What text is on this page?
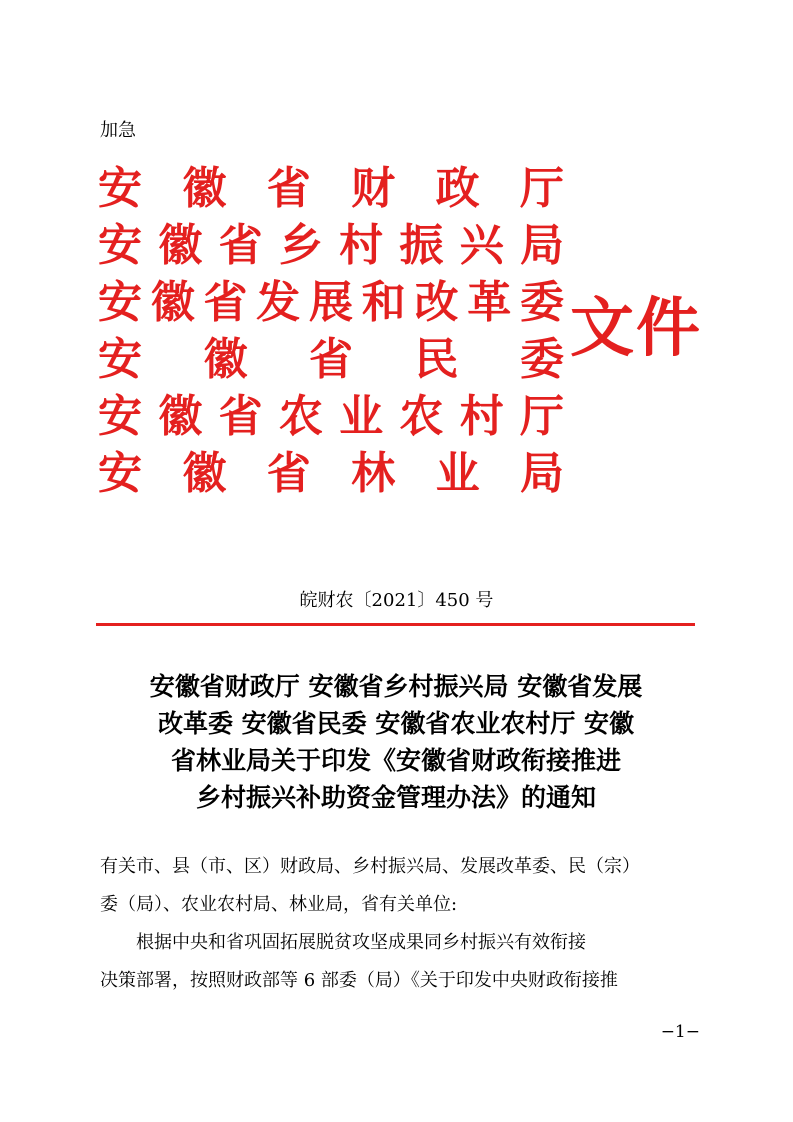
加急
安 徽 省 财 政 厅
安 徽 省 乡 村 振 兴 局
安 徽 省 发 展 和 改 革 委
安 徽 省 民 委
安 徽 省 农 业 农 村 厅
安 徽 省 林 业 局
文件
皖财农〔2021〕450 号
安徽省财政厅 安徽省乡村振兴局 安徽省发展
改革委 安徽省民委 安徽省农业农村厅 安徽
省林业局关于印发《安徽省财政衔接推进
乡村振兴补助资金管理办法》的通知
有关市、县（市、区）财政局、乡村振兴局、发展改革委、民（宗）
委（局）、农业农村局、林业局，省有关单位:
根据中央和省巩固拓展脱贫攻坚成果同乡村振兴有效衔接
决策部署，按照财政部等 6 部委（局）《关于印发中央财政衔接推
−1−
